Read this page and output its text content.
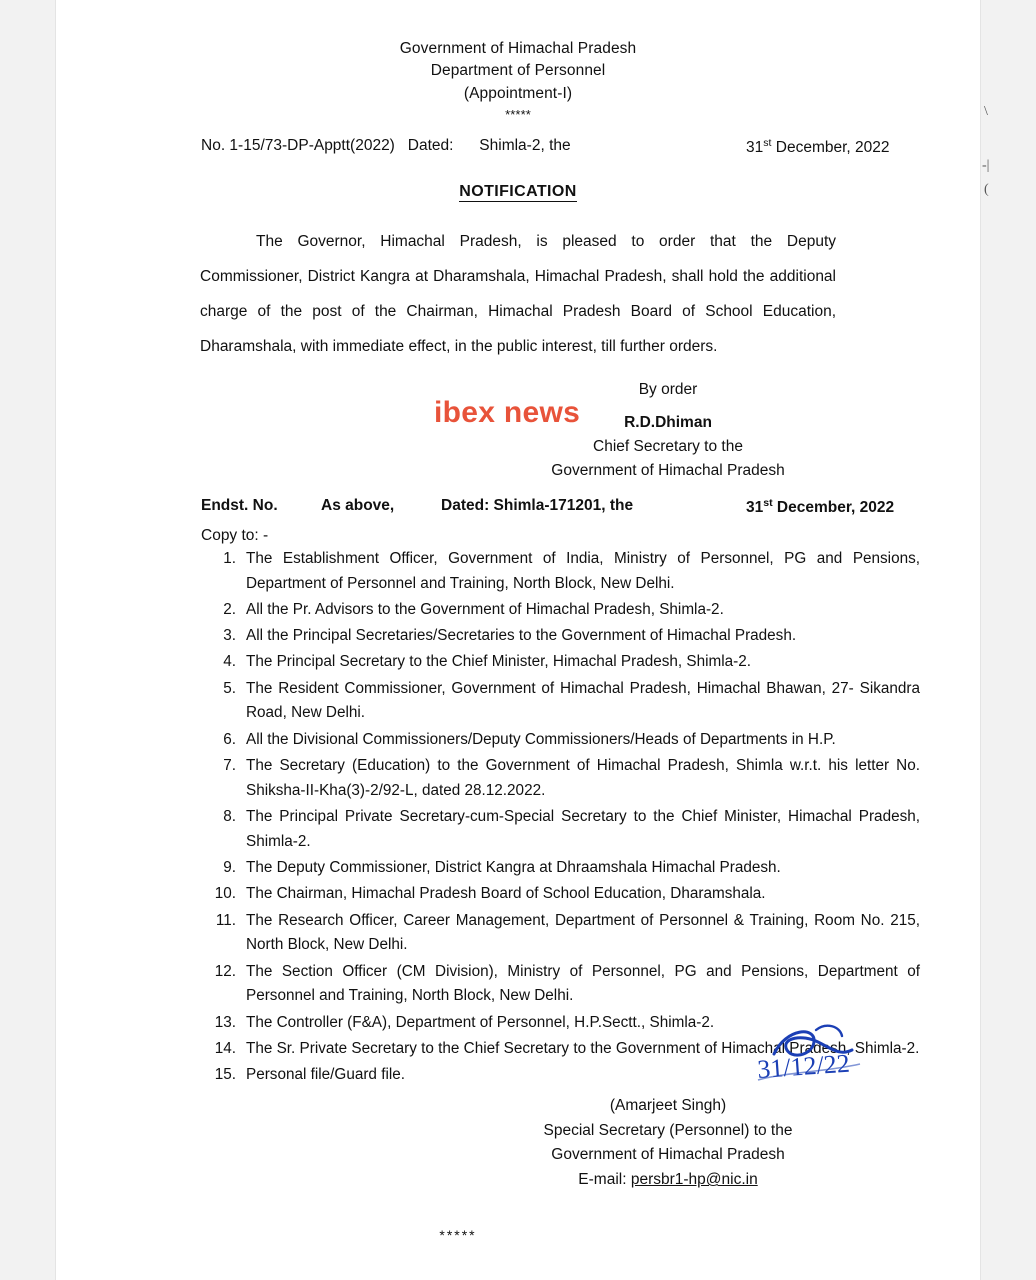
\
-|
(
Government of Himachal Pradesh
Department of Personnel
(Appointment-I)
*****
No. 1-15/73-DP-Apptt(2022) Dated: Shimla-2, the	31st December, 2022
NOTIFICATION
The Governor, Himachal Pradesh, is pleased to order that the Deputy Commissioner, District Kangra at Dharamshala, Himachal Pradesh, shall hold the additional charge of the post of the Chairman, Himachal Pradesh Board of School Education, Dharamshala, with immediate effect, in the public interest, till further orders.
By order
R.D.Dhiman
Chief Secretary to the
Government of Himachal Pradesh
Endst. No.	As above,	Dated: Shimla-171201, the	31st December, 2022
Copy to: -
1. The Establishment Officer, Government of India, Ministry of Personnel, PG and Pensions, Department of Personnel and Training, North Block, New Delhi.
2. All the Pr. Advisors to the Government of Himachal Pradesh, Shimla-2.
3. All the Principal Secretaries/Secretaries to the Government of Himachal Pradesh.
4. The Principal Secretary to the Chief Minister, Himachal Pradesh, Shimla-2.
5. The Resident Commissioner, Government of Himachal Pradesh, Himachal Bhawan, 27- Sikandra Road, New Delhi.
6. All the Divisional Commissioners/Deputy Commissioners/Heads of Departments in H.P.
7. The Secretary (Education) to the Government of Himachal Pradesh, Shimla w.r.t. his letter No. Shiksha-II-Kha(3)-2/92-L, dated 28.12.2022.
8. The Principal Private Secretary-cum-Special Secretary to the Chief Minister, Himachal Pradesh, Shimla-2.
9. The Deputy Commissioner, District Kangra at Dhraamshala Himachal Pradesh.
10. The Chairman, Himachal Pradesh Board of School Education, Dharamshala.
11. The Research Officer, Career Management, Department of Personnel & Training, Room No. 215, North Block, New Delhi.
12. The Section Officer (CM Division), Ministry of Personnel, PG and Pensions, Department of Personnel and Training, North Block, New Delhi.
13. The Controller (F&A), Department of Personnel, H.P.Sectt., Shimla-2.
14. The Sr. Private Secretary to the Chief Secretary to the Government of Himachal Pradesh, Shimla-2.
15. Personal file/Guard file.
(Amarjeet Singh)
Special Secretary (Personnel) to the
Government of Himachal Pradesh
E-mail: persbr1-hp@nic.in
*****
ibex news
31/12/22
